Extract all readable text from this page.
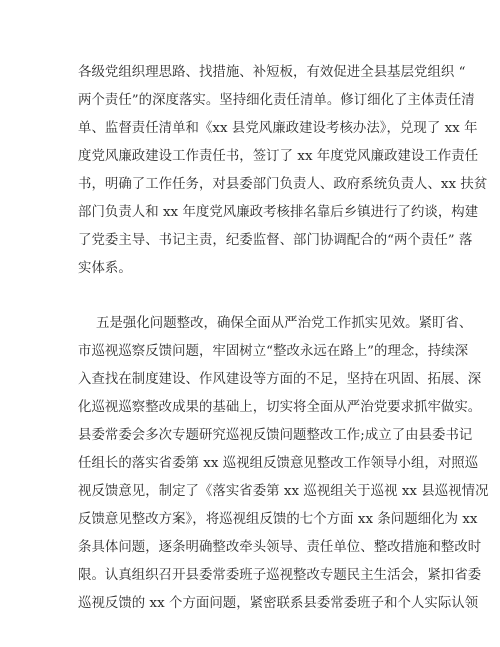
各级党组织理思路、找措施、补短板，有效促进全县基层党组织 “
两个责任”的深度落实。坚持细化责任清单。修订细化了主体责任清
单、监督责任清单和《xx 县党风廉政建设考核办法》，兑现了 xx 年
度党风廉政建设工作责任书，签订了 xx 年度党风廉政建设工作责任
书，明确了工作任务，对县委部门负责人、政府系统负责人、xx 扶贫
部门负责人和 xx 年度党风廉政考核排名靠后乡镇进行了约谈，构建
了党委主导、书记主责，纪委监督、部门协调配合的“两个责任” 落
实体系。
五是强化问题整改，确保全面从严治党工作抓实见效。紧盯省、
市巡视巡察反馈问题，牢固树立“整改永远在路上”的理念，持续深
入查找在制度建设、作风建设等方面的不足，坚持在巩固、拓展、深
化巡视巡察整改成果的基础上，切实将全面从严治党要求抓牢做实。
县委常委会多次专题研究巡视反馈问题整改工作;成立了由县委书记
任组长的落实省委第 xx 巡视组反馈意见整改工作领导小组，对照巡
视反馈意见，制定了《落实省委第 xx 巡视组关于巡视 xx 县巡视情况
反馈意见整改方案》，将巡视组反馈的七个方面 xx 条问题细化为 xx
条具体问题，逐条明确整改牵头领导、责任单位、整改措施和整改时
限。认真组织召开县委常委班子巡视整改专题民主生活会，紧扣省委
巡视反馈的 xx 个方面问题，紧密联系县委常委班子和个人实际认领
